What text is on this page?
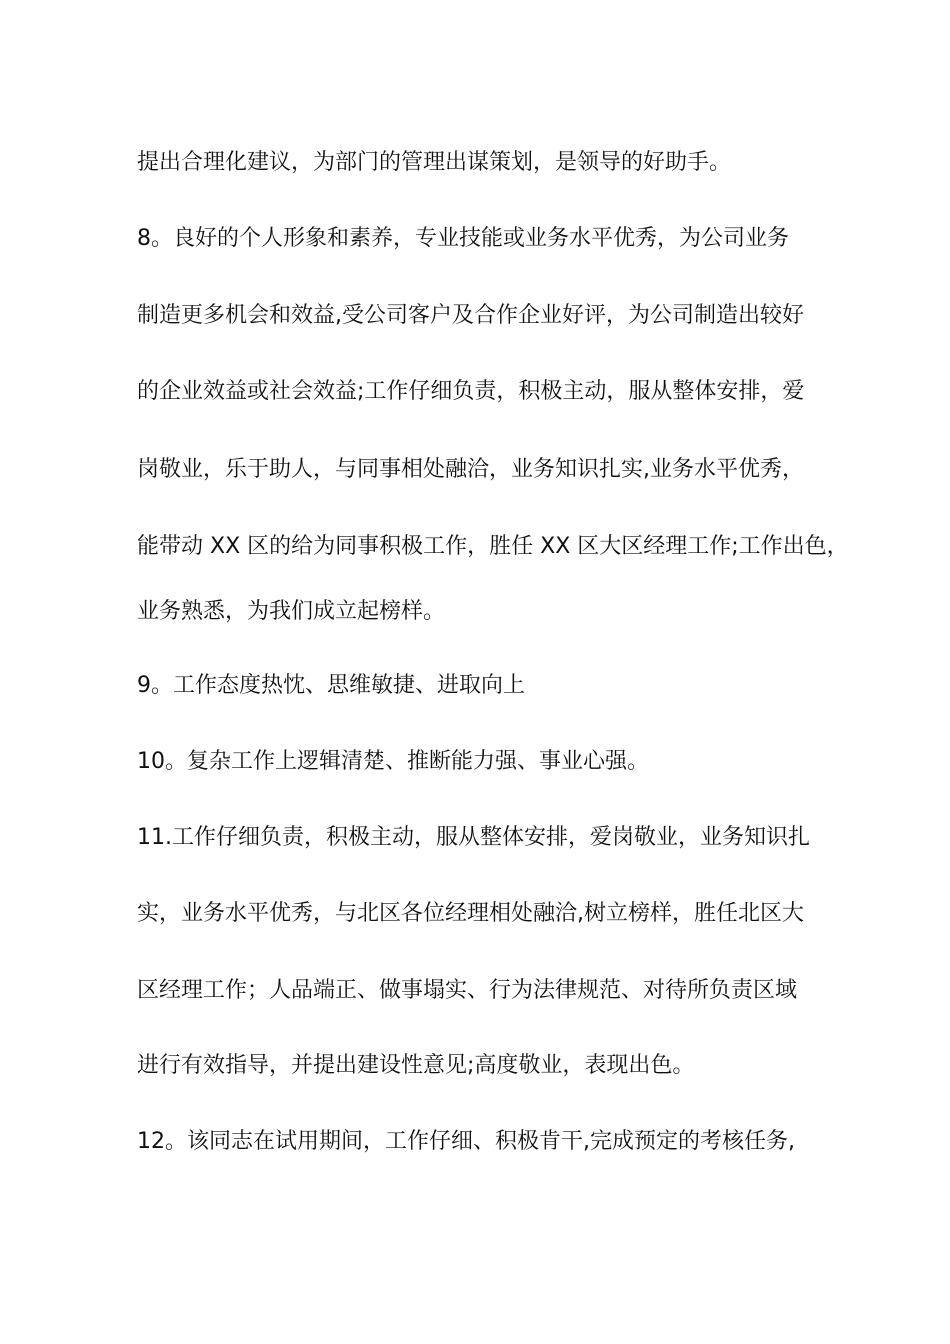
提出合理化建议，为部门的管理出谋策划，是领导的好助手。
8。良好的个人形象和素养，专业技能或业务水平优秀，为公司业务
制造更多机会和效益,受公司客户及合作企业好评，为公司制造出较好
的企业效益或社会效益;工作仔细负责，积极主动，服从整体安排，爱
岗敬业，乐于助人，与同事相处融洽，业务知识扎实,业务水平优秀，
能带动 XX 区的给为同事积极工作，胜任 XX 区大区经理工作;工作出色，
业务熟悉，为我们成立起榜样。
9。工作态度热忱、思维敏捷、进取向上
10。复杂工作上逻辑清楚、推断能力强、事业心强。
11.工作仔细负责，积极主动，服从整体安排，爱岗敬业，业务知识扎
实，业务水平优秀，与北区各位经理相处融洽,树立榜样，胜任北区大
区经理工作；人品端正、做事塌实、行为法律规范、对待所负责区域
进行有效指导，并提出建设性意见;高度敬业，表现出色。
12。该同志在试用期间，工作仔细、积极肯干,完成预定的考核任务,
